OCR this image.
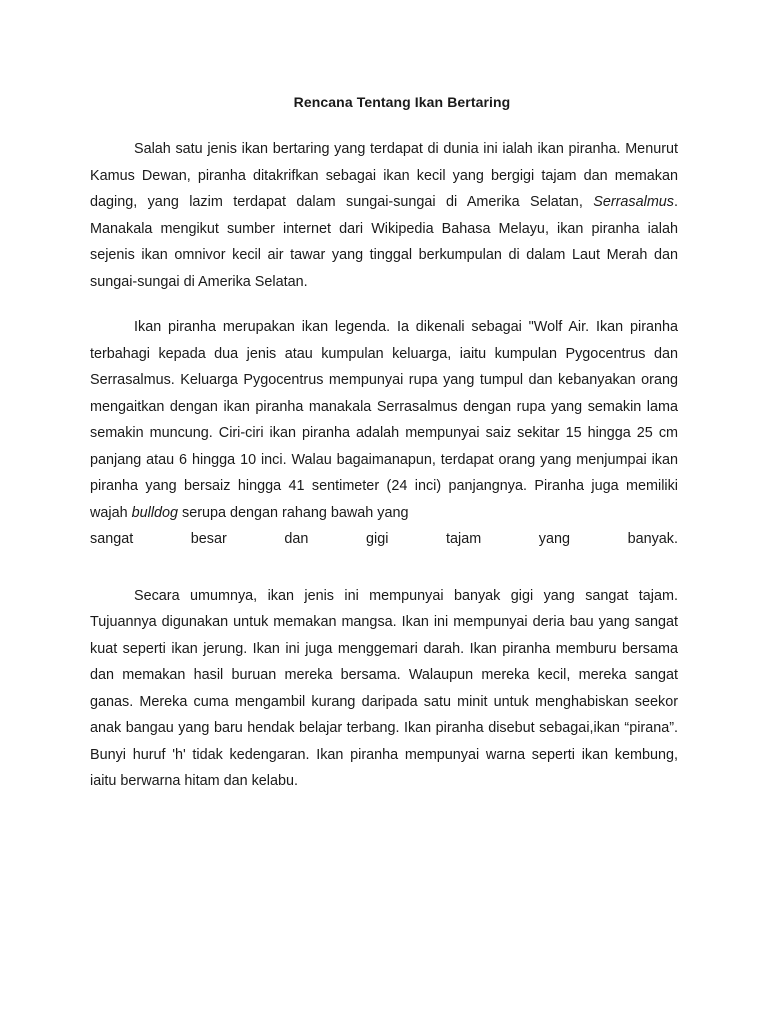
Rencana Tentang Ikan Bertaring

Salah satu jenis ikan bertaring yang terdapat di dunia ini ialah ikan piranha. Menurut Kamus Dewan, piranha ditakrifkan sebagai ikan kecil yang bergigi tajam dan memakan daging, yang lazim terdapat dalam sungai-sungai di Amerika Selatan, Serrasalmus. Manakala mengikut sumber internet dari Wikipedia Bahasa Melayu, ikan piranha ialah sejenis ikan omnivor kecil air tawar yang tinggal berkumpulan di dalam Laut Merah dan sungai-sungai di Amerika Selatan.

Ikan piranha merupakan ikan legenda. Ia dikenali sebagai "Wolf Air. Ikan piranha terbahagi kepada dua jenis atau kumpulan keluarga, iaitu kumpulan Pygocentrus dan Serrasalmus. Keluarga Pygocentrus mempunyai rupa yang tumpul dan kebanyakan orang mengaitkan dengan ikan piranha manakala Serrasalmus dengan rupa yang semakin lama semakin muncung. Ciri-ciri ikan piranha adalah mempunyai saiz sekitar 15 hingga 25 cm panjang atau 6 hingga 10 inci. Walau bagaimanapun, terdapat orang yang menjumpai ikan piranha yang bersaiz hingga 41 sentimeter (24 inci) panjangnya. Piranha juga memiliki wajah bulldog serupa dengan rahang bawah yang
sangat besar dan gigi tajam yang banyak.

Secara umumnya, ikan jenis ini mempunyai banyak gigi yang sangat tajam. Tujuannya digunakan untuk memakan mangsa. Ikan ini mempunyai deria bau yang sangat kuat seperti ikan jerung. Ikan ini juga menggemari darah. Ikan piranha memburu bersama dan memakan hasil buruan mereka bersama. Walaupun mereka kecil, mereka sangat ganas. Mereka cuma mengambil kurang daripada satu minit untuk menghabiskan seekor anak bangau yang baru hendak belajar terbang. Ikan piranha disebut sebagai,ikan “pirana”. Bunyi huruf 'h' tidak kedengaran. Ikan piranha mempunyai warna seperti ikan kembung, iaitu berwarna hitam dan kelabu.
